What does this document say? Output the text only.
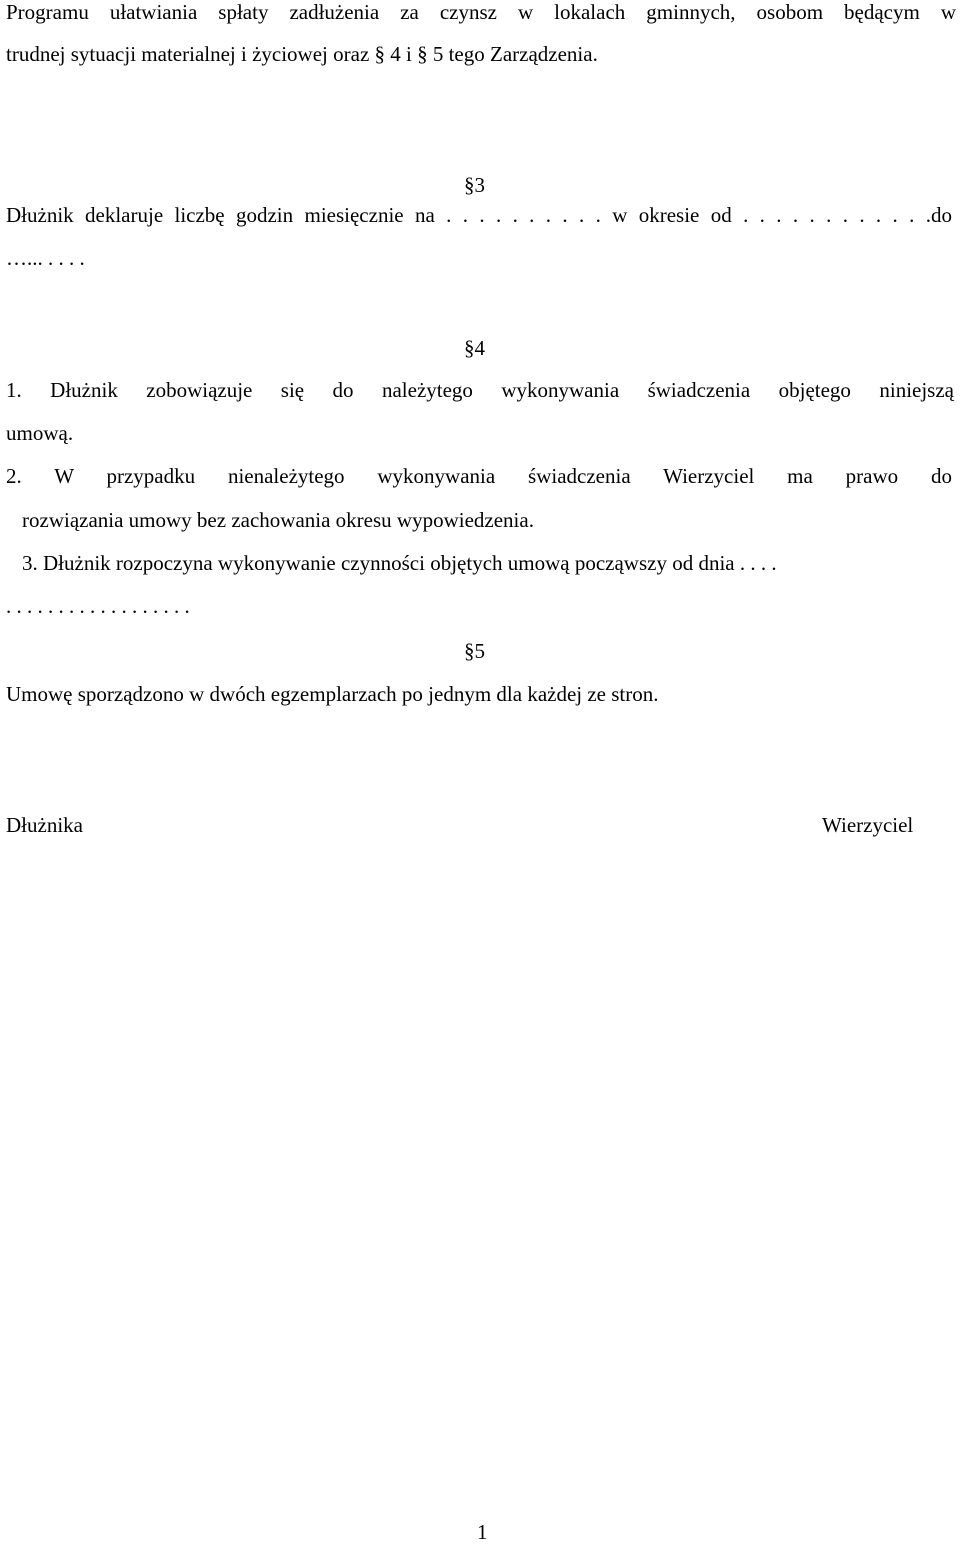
Programu ułatwiania spłaty zadłużenia za czynsz w lokalach gminnych, osobom będącym w
trudnej sytuacji materialnej i życiowej oraz § 4 i § 5 tego Zarządzenia.
§3
Dłużnik deklaruje liczbę godzin miesięcznie na . . . . . . . . . . w okresie od . . . . . . . . . . . .do
…... . . . .
§4
1. Dłużnik zobowiązuje się do należytego wykonywania świadczenia objętego niniejszą
umową.
2. W przypadku nienależytego wykonywania świadczenia Wierzyciel ma prawo do
rozwiązania umowy bez zachowania okresu wypowiedzenia.
3. Dłużnik rozpoczyna wykonywanie czynności objętych umową począwszy od dnia . . . .
. . . . . . . . . . . . . . . . . .
§5
Umowę sporządzono w dwóch egzemplarzach po jednym dla każdej ze stron.
Dłużnika	Wierzyciel
1
